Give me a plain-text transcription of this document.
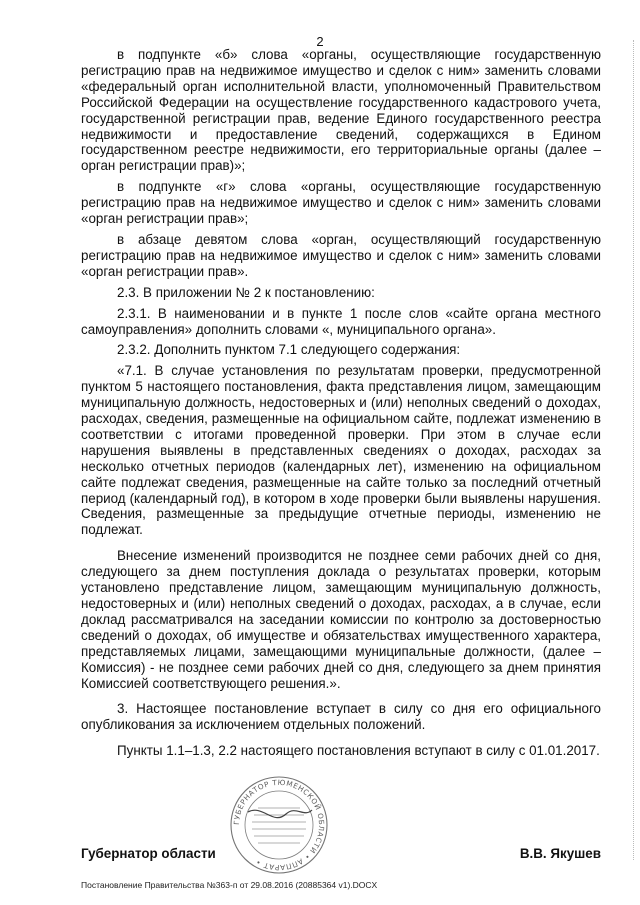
2

в подпункте «б» слова «органы, осуществляющие государственную регистрацию прав на недвижимое имущество и сделок с ним» заменить словами «федеральный орган исполнительной власти, уполномоченный Правительством Российской Федерации на осуществление государственного кадастрового учета, государственной регистрации прав, ведение Единого государственного реестра недвижимости и предоставление сведений, содержащихся в Едином государственном реестре недвижимости, его территориальные органы (далее – орган регистрации прав)»;

в подпункте «г» слова «органы, осуществляющие государственную регистрацию прав на недвижимое имущество и сделок с ним» заменить словами «орган регистрации прав»;

в абзаце девятом слова «орган, осуществляющий государственную регистрацию прав на недвижимое имущество и сделок с ним» заменить словами «орган регистрации прав».

2.3. В приложении № 2 к постановлению:

2.3.1. В наименовании и в пункте 1 после слов «сайте органа местного самоуправления» дополнить словами «, муниципального органа».

2.3.2. Дополнить пунктом 7.1 следующего содержания:

«7.1. В случае установления по результатам проверки, предусмотренной пунктом 5 настоящего постановления, факта представления лицом, замещающим муниципальную должность, недостоверных и (или) неполных сведений о доходах, расходах, сведения, размещенные на официальном сайте, подлежат изменению в соответствии с итогами проведенной проверки. При этом в случае если нарушения выявлены в представленных сведениях о доходах, расходах за несколько отчетных периодов (календарных лет), изменению на официальном сайте подлежат сведения, размещенные на сайте только за последний отчетный период (календарный год), в котором в ходе проверки были выявлены нарушения. Сведения, размещенные за предыдущие отчетные периоды, изменению не подлежат.

Внесение изменений производится не позднее семи рабочих дней со дня, следующего за днем поступления доклада о результатах проверки, которым установлено представление лицом, замещающим муниципальную должность, недостоверных и (или) неполных сведений о доходах, расходах, а в случае, если доклад рассматривался на заседании комиссии по контролю за достоверностью сведений о доходах, об имуществе и обязательствах имущественного характера, представляемых лицами, замещающими муниципальные должности, (далее – Комиссия) - не позднее семи рабочих дней со дня, следующего за днем принятия Комиссией соответствующего решения.».

3. Настоящее постановление вступает в силу со дня его официального опубликования за исключением отдельных положений.

Пункты 1.1–1.3, 2.2 настоящего постановления вступают в силу с 01.01.2017.

ГУБЕРНАТОР ТЮМЕНСКОЙ ОБЛАСТИ • АППАРАТ •
Губернатор области	В.В. Якушев
Постановление Правительства №363-п от 29.08.2016 (20885364 v1).DOCX
